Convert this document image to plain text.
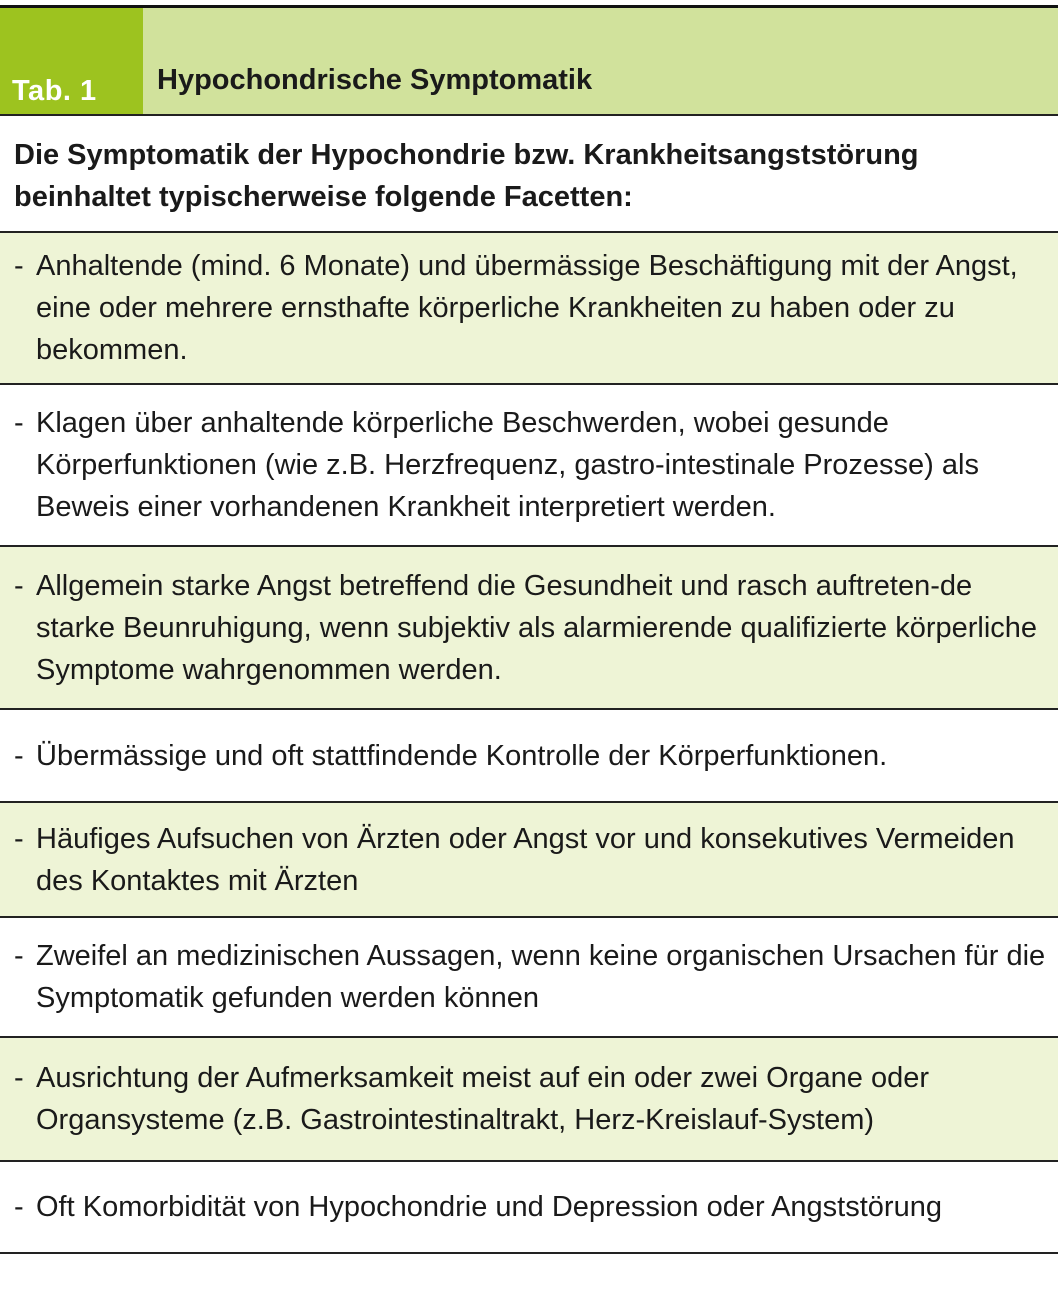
Tab. 1 Hypochondrische Symptomatik
Die Symptomatik der Hypochondrie bzw. Krankheitsangststörung beinhaltet typischerweise folgende Facetten:
- Anhaltende (mind. 6 Monate) und übermässige Beschäftigung mit der Angst, eine oder mehrere ernsthafte körperliche Krankheiten zu haben oder zu bekommen.
- Klagen über anhaltende körperliche Beschwerden, wobei gesunde Körperfunktionen (wie z.B. Herzfrequenz, gastro-intestinale Prozesse) als Beweis einer vorhandenen Krankheit interpretiert werden.
- Allgemein starke Angst betreffend die Gesundheit und rasch auftreten-de starke Beunruhigung, wenn subjektiv als alarmierende qualifizierte körperliche Symptome wahrgenommen werden.
- Übermässige und oft stattfindende Kontrolle der Körperfunktionen.
- Häufiges Aufsuchen von Ärzten oder Angst vor und konsekutives Vermeiden des Kontaktes mit Ärzten
- Zweifel an medizinischen Aussagen, wenn keine organischen Ursachen für die Symptomatik gefunden werden können
- Ausrichtung der Aufmerksamkeit meist auf ein oder zwei Organe oder Organsysteme (z.B. Gastrointestinaltrakt, Herz-Kreislauf-System)
- Oft Komorbidität von Hypochondrie und Depression oder Angststörung
